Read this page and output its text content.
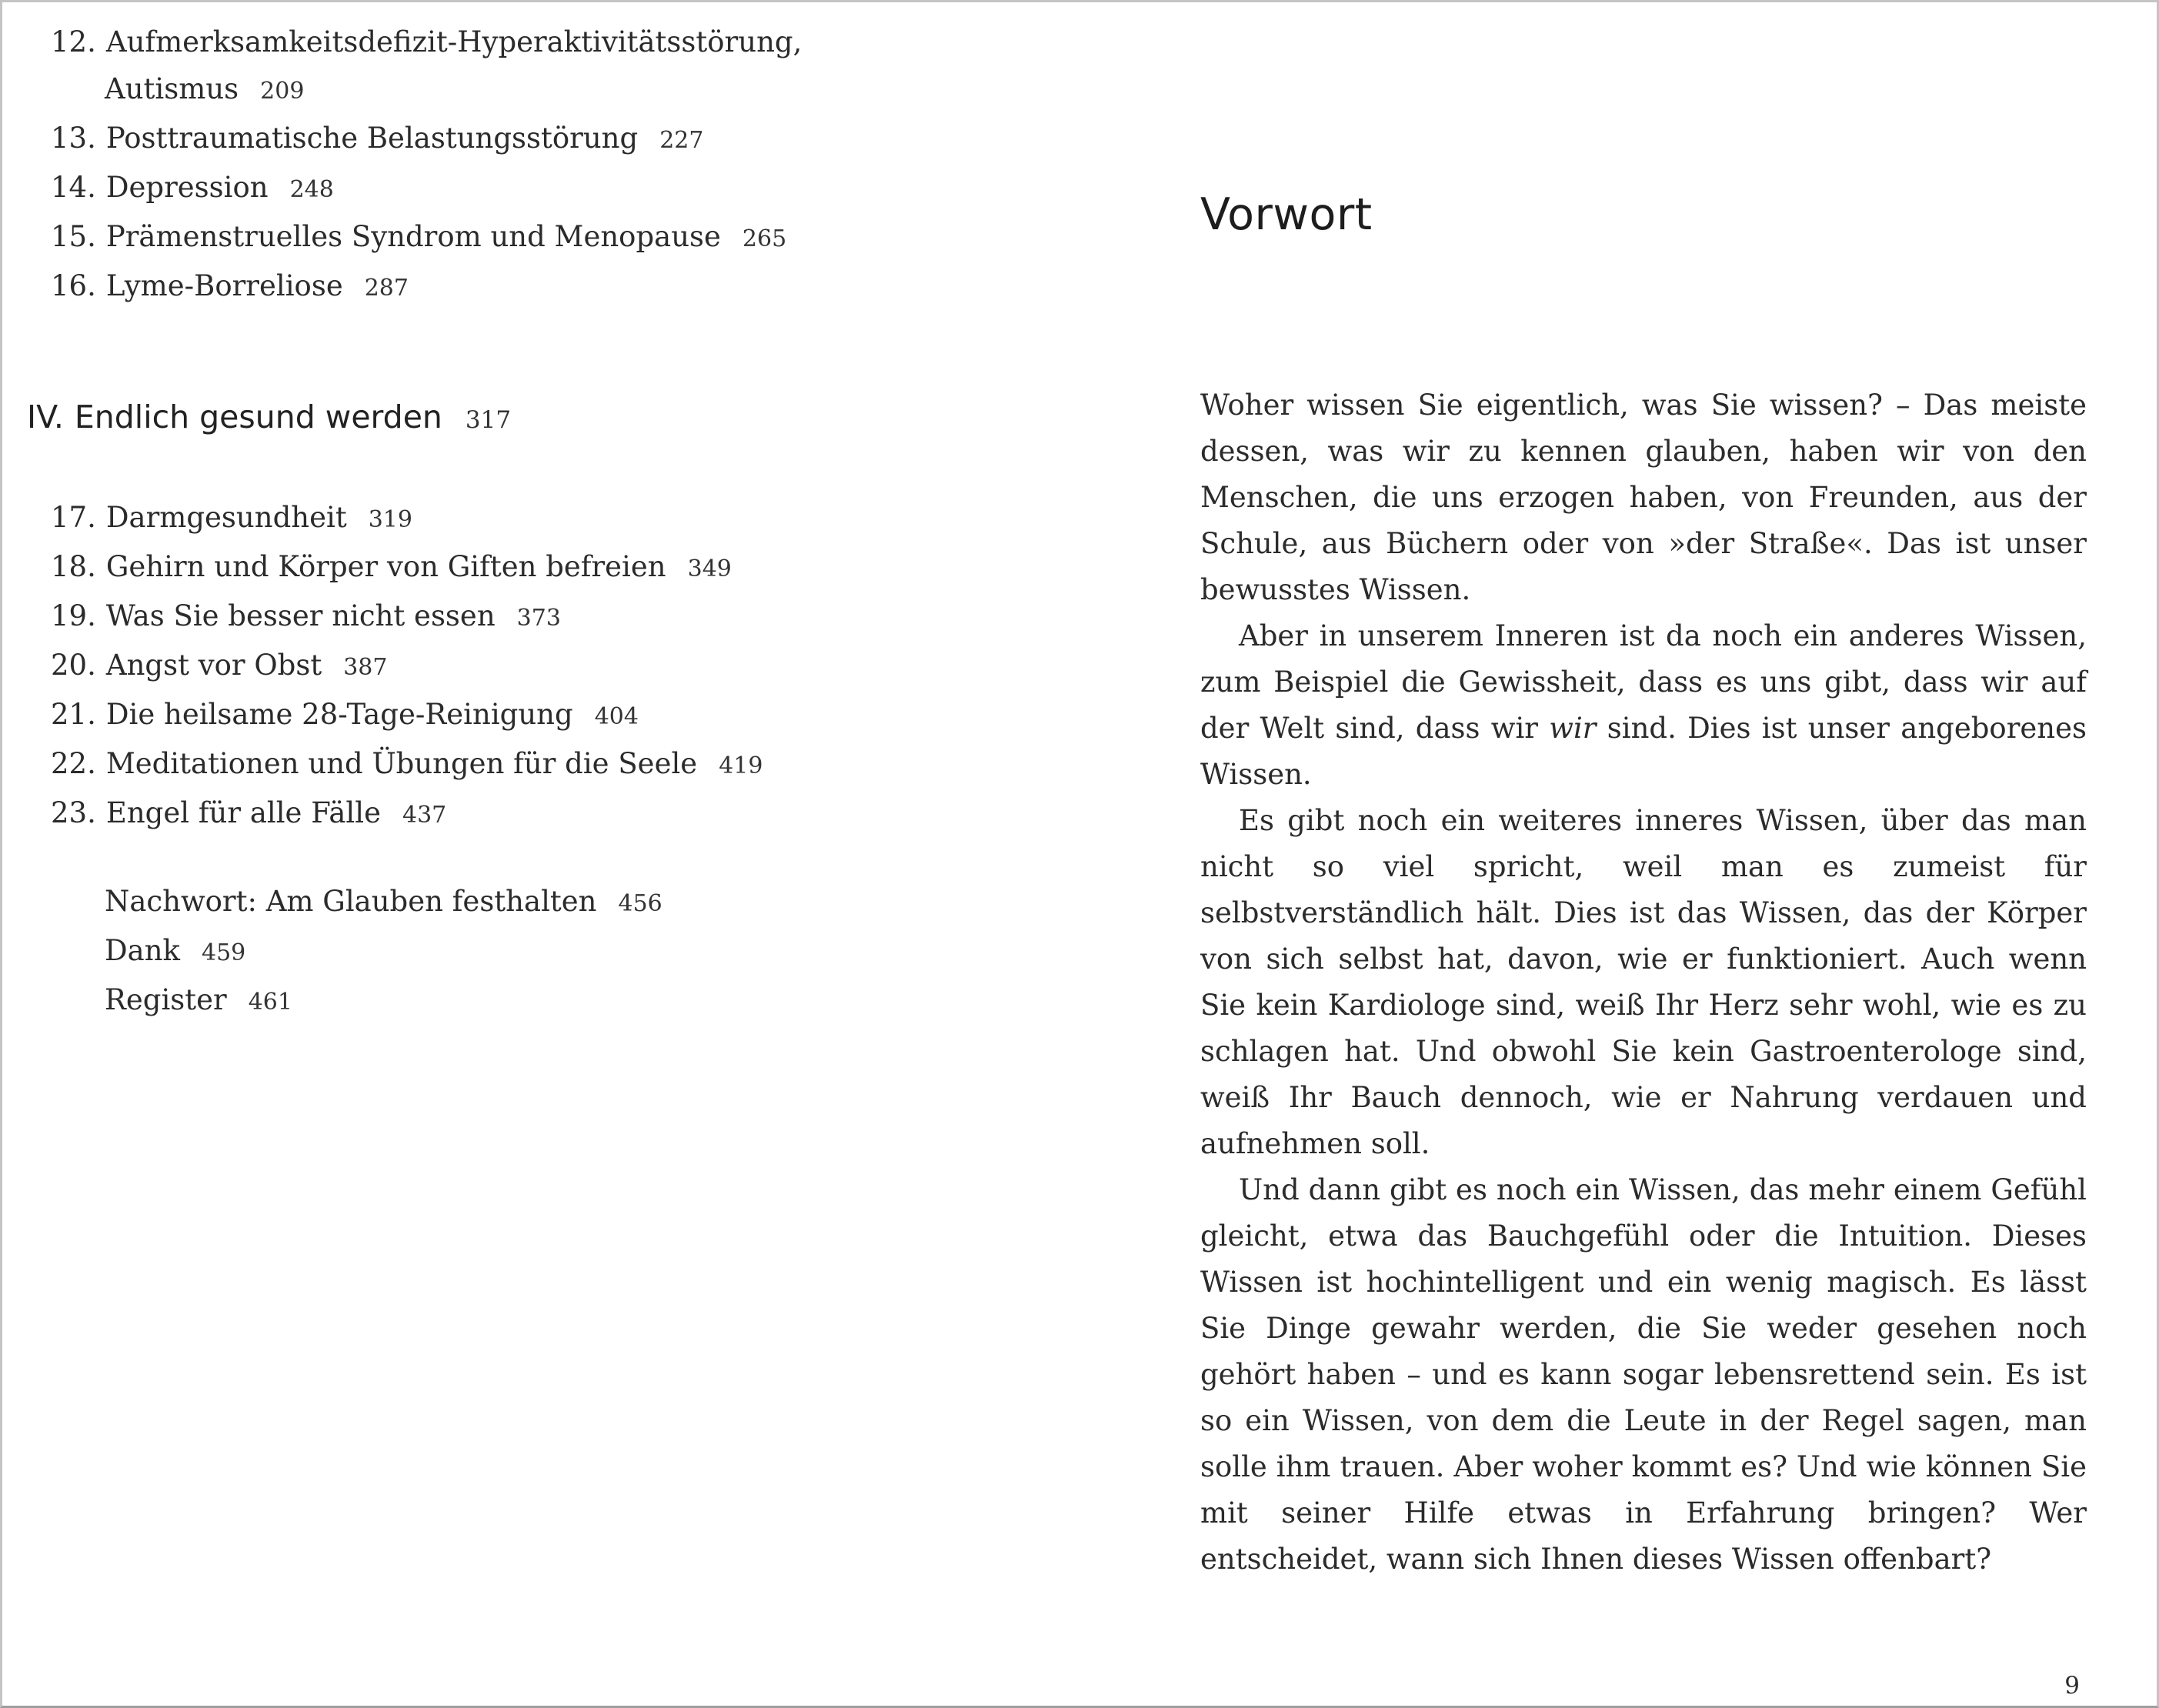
12. Aufmerksamkeitsdefizit-Hyperaktivitätsstörung,
Autismus 209
13. Posttraumatische Belastungsstörung 227
14. Depression 248
15. Prämenstruelles Syndrom und Menopause 265
16. Lyme-Borreliose 287
IV. Endlich gesund werden 317
17. Darmgesundheit 319
18. Gehirn und Körper von Giften befreien 349
19. Was Sie besser nicht essen 373
20. Angst vor Obst 387
21. Die heilsame 28-Tage-Reinigung 404
22. Meditationen und Übungen für die Seele 419
23. Engel für alle Fälle 437
Nachwort: Am Glauben festhalten 456
Dank 459
Register 461
Vorwort

Woher wissen Sie eigentlich, was Sie wissen? – Das meiste dessen, was wir zu kennen glauben, haben wir von den Menschen, die uns erzogen haben, von Freunden, aus der Schule, aus Büchern oder von »der Straße«. Das ist unser bewusstes Wissen.

Aber in unserem Inneren ist da noch ein anderes Wissen, zum Beispiel die Gewissheit, dass es uns gibt, dass wir auf der Welt sind, dass wir wir sind. Dies ist unser angeborenes Wissen.

Es gibt noch ein weiteres inneres Wissen, über das man nicht so viel spricht, weil man es zumeist für selbstverständlich hält. Dies ist das Wissen, das der Körper von sich selbst hat, davon, wie er funktioniert. Auch wenn Sie kein Kardiologe sind, weiß Ihr Herz sehr wohl, wie es zu schlagen hat. Und obwohl Sie kein Gastroenterologe sind, weiß Ihr Bauch dennoch, wie er Nahrung verdauen und aufnehmen soll.

Und dann gibt es noch ein Wissen, das mehr einem Gefühl gleicht, etwa das Bauchgefühl oder die Intuition. Dieses Wissen ist hochintelligent und ein wenig magisch. Es lässt Sie Dinge gewahr werden, die Sie weder gesehen noch gehört haben – und es kann sogar lebensrettend sein. Es ist so ein Wissen, von dem die Leute in der Regel sagen, man solle ihm trauen. Aber woher kommt es? Und wie können Sie mit seiner Hilfe etwas in Erfahrung bringen? Wer entscheidet, wann sich Ihnen dieses Wissen offenbart?

9
